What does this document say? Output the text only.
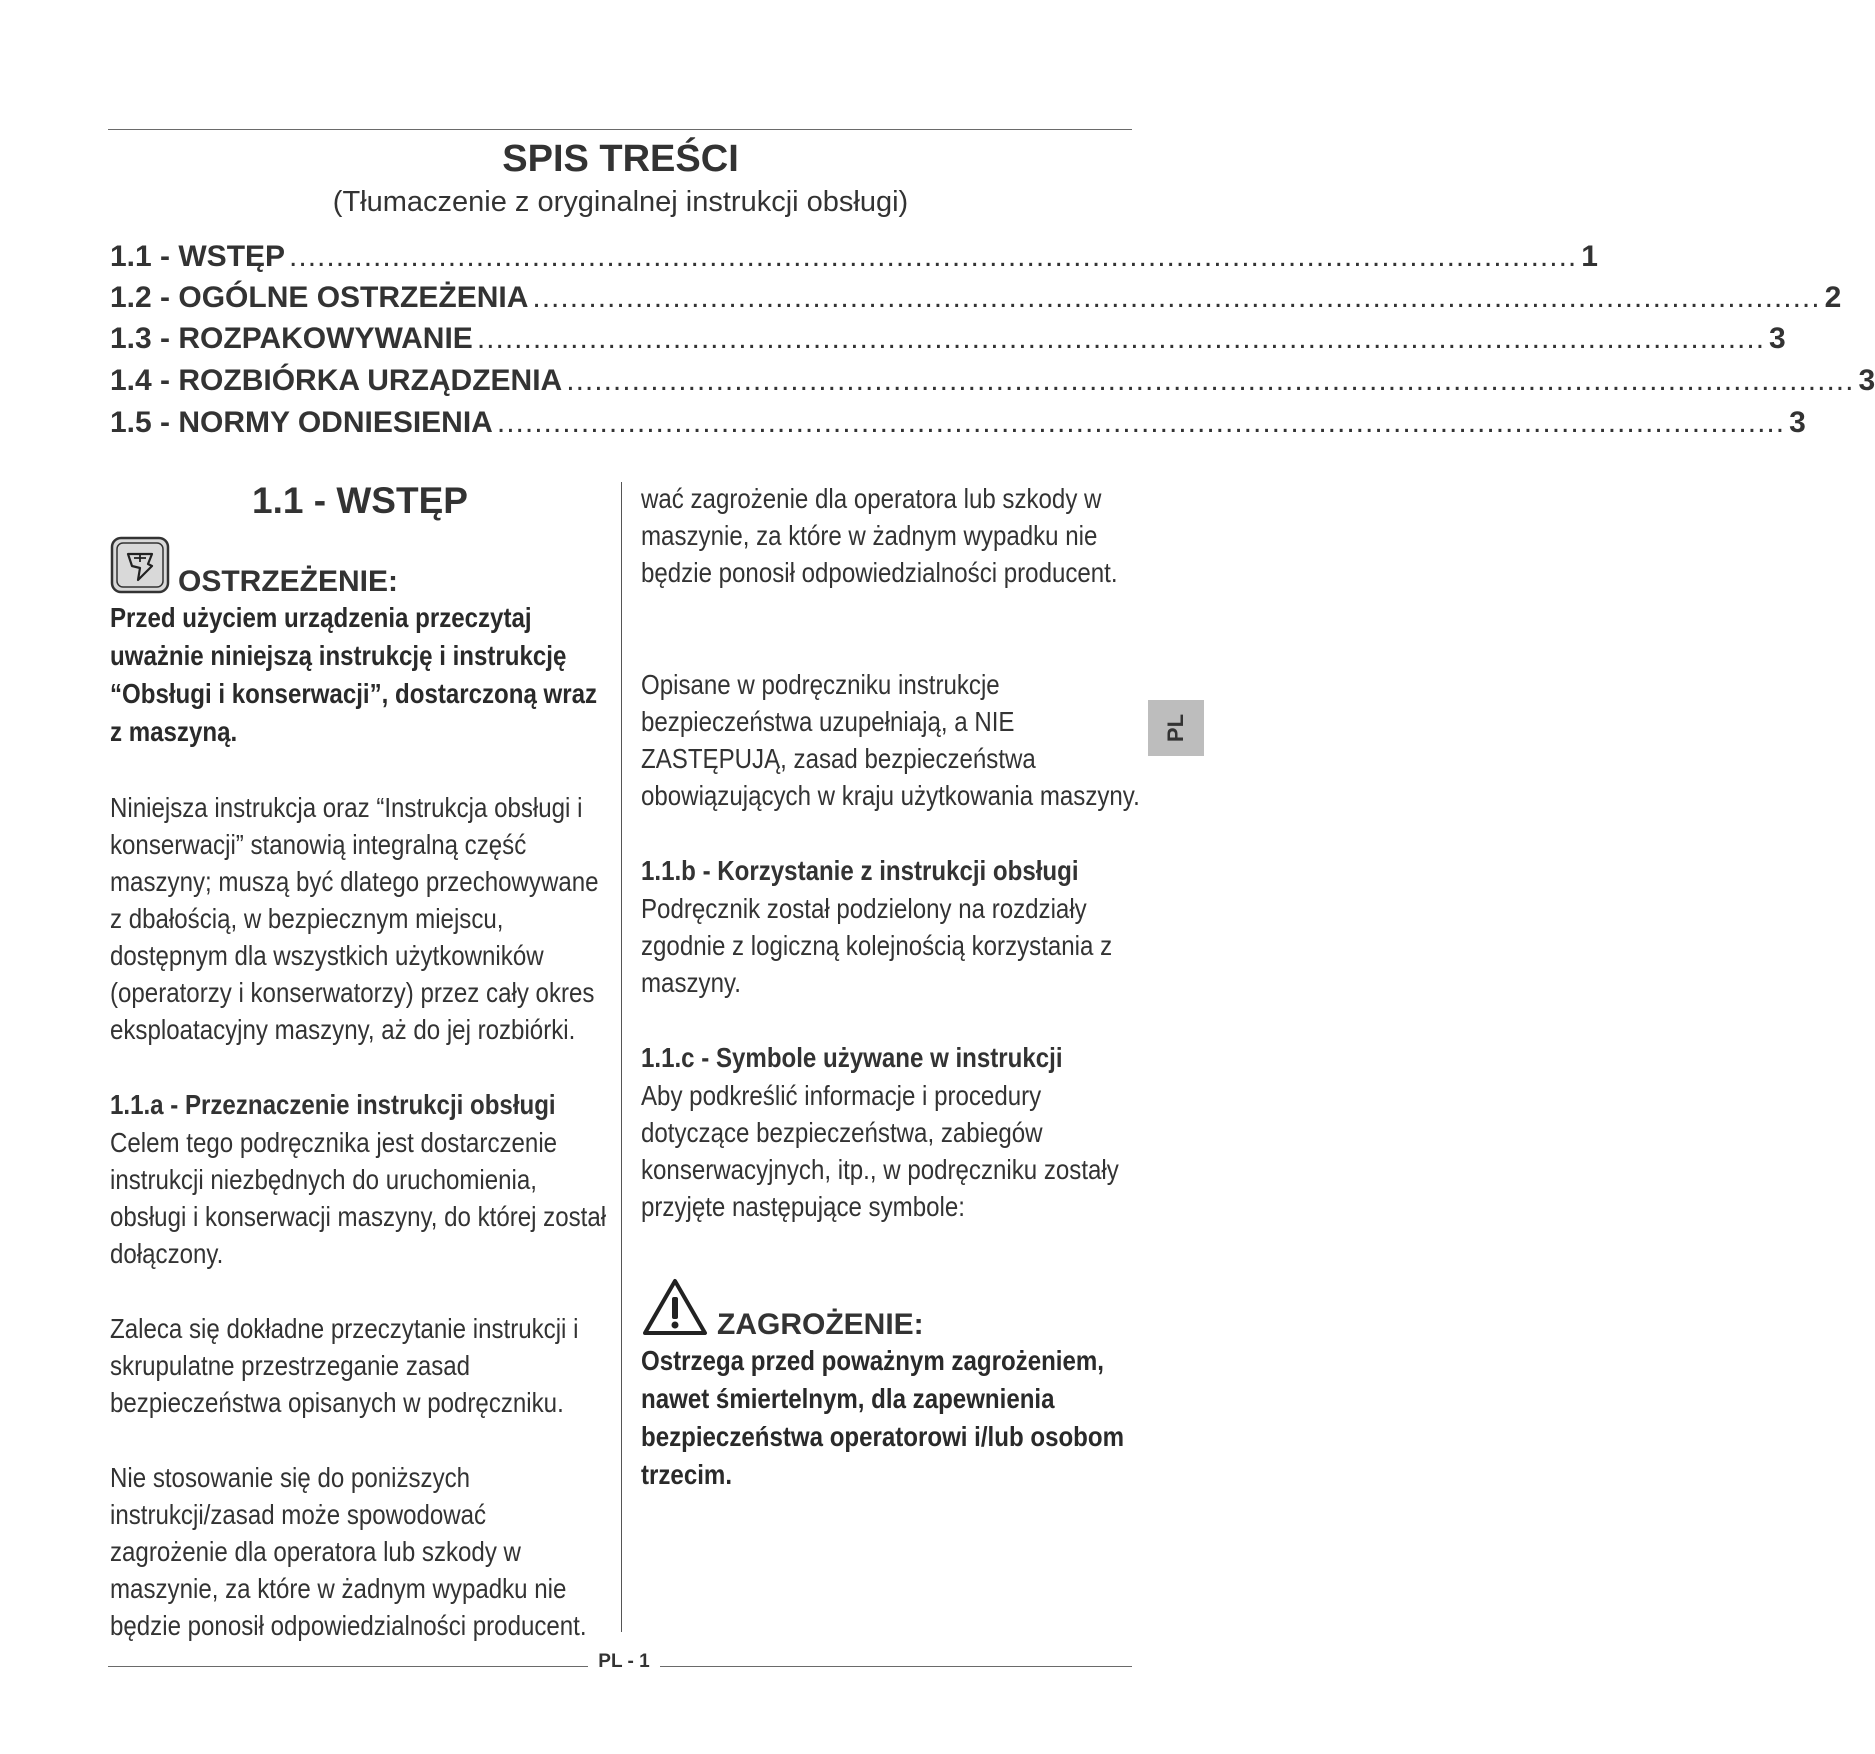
SPIS TREŚCI
(Tłumaczenie z oryginalnej instrukcji obsługi)
1.1 - WSTĘP .......................................................................................................................................... 1
1.2 - OGÓLNE OSTRZEŻENIA .......................................................................................................................................... 2
1.3 - ROZPAKOWYWANIE .......................................................................................................................................... 3
1.4 - ROZBIÓRKA URZĄDZENIA .......................................................................................................................................... 3
1.5 - NORMY ODNIESIENIA .......................................................................................................................................... 3
1.1 - WSTĘP
OSTRZEŻENIE:

Przed użyciem urządzenia przeczytaj uważnie niniejszą instrukcję i instrukcję “Obsługi i konserwacji”, dostarczoną wraz z maszyną.

Niniejsza instrukcja oraz “Instrukcja obsługi i konserwacji” stanowią integralną część maszyny; muszą być dlatego przechowywane z dbałością, w bezpiecznym miejscu, dostępnym dla wszystkich użytkowników (operatorzy i konserwatorzy) przez cały okres eksploatacyjny maszyny, aż do jej rozbiórki.

1.1.a - Przeznaczenie instrukcji obsługi

Celem tego podręcznika jest dostarczenie instrukcji niezbędnych do uruchomienia, obsługi i konserwacji maszyny, do której został dołączony.

Zaleca się dokładne przeczytanie instrukcji i skrupulatne przestrzeganie zasad bezpieczeństwa opisanych w podręczniku.

Nie stosowanie się do poniższych instrukcji/zasad może spowodować zagrożenie dla operatora lub szkody w maszynie, za które w żadnym wypadku nie będzie ponosił odpowiedzialności producent.

wać zagrożenie dla operatora lub szkody w maszynie, za które w żadnym wypadku nie będzie ponosił odpowiedzialności producent.

Opisane w podręczniku instrukcje bezpieczeństwa uzupełniają, a NIE ZASTĘPUJĄ, zasad bezpieczeństwa obowiązujących w kraju użytkowania maszyny.

1.1.b - Korzystanie z instrukcji obsługi

Podręcznik został podzielony na rozdziały zgodnie z logiczną kolejnością korzystania z maszyny.

1.1.c - Symbole używane w instrukcji

Aby podkreślić informacje i procedury dotyczące bezpieczeństwa, zabiegów konserwacyjnych, itp., w podręczniku zostały przyjęte następujące symbole:

ZAGROŻENIE:

Ostrzega przed poważnym zagrożeniem, nawet śmiertelnym, dla zapewnienia bezpieczeństwa operatorowi i/lub osobom trzecim.

PL
PL - 1
